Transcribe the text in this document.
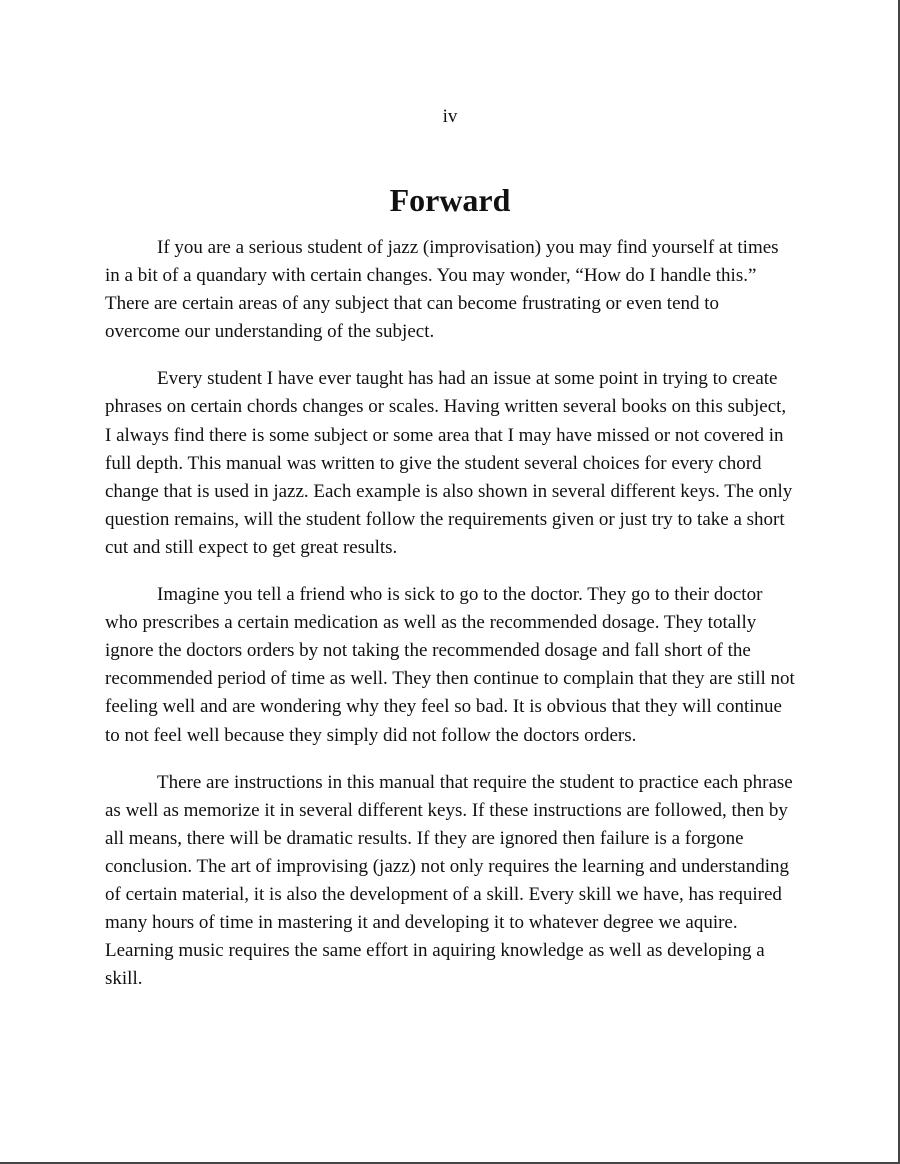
iv
Forward

If you are a serious student of jazz (improvisation) you may find yourself at times in a bit of a quandary with certain changes. You may wonder, “How do I handle this.” There are certain areas of any subject that can become frustrating or even tend to overcome our understanding of the subject.

Every student I have ever taught has had an issue at some point in trying to create phrases on certain chords changes or scales. Having written several books on this subject, I always find there is some subject or some area that I may have missed or not covered in full depth. This manual was written to give the student several choices for every chord change that is used in jazz. Each example is also shown in several different keys. The only question remains, will the student follow the requirements given or just try to take a short cut and still expect to get great results.

Imagine you tell a friend who is sick to go to the doctor. They go to their doctor who prescribes a certain medication as well as the recommended dosage. They totally ignore the doctors orders by not taking the recommended dosage and fall short of the recommended period of time as well. They then continue to complain that they are still not feeling well and are wondering why they feel so bad. It is obvious that they will continue to not feel well because they simply did not follow the doctors orders.

There are instructions in this manual that require the student to practice each phrase as well as memorize it in several different keys. If these instructions are followed, then by all means, there will be dramatic results. If they are ignored then failure is a forgone conclusion. The art of improvising (jazz) not only requires the learning and understanding of certain material, it is also the development of a skill. Every skill we have, has required many hours of time in mastering it and developing it to whatever degree we aquire. Learning music requires the same effort in aquiring knowledge as well as developing a skill.
